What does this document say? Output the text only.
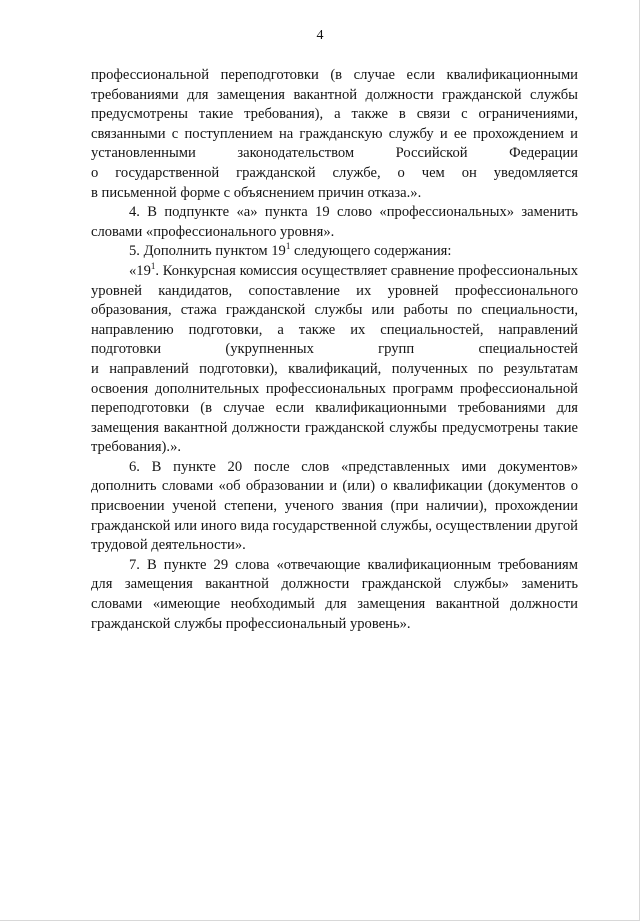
4

профессиональной переподготовки (в случае если квалификационными требованиями для замещения вакантной должности гражданской службы предусмотрены такие требования), а также в связи с ограничениями, связанными с поступлением на гражданскую службу и ее прохождением и установленными законодательством Российской Федерации

о государственной гражданской службе, о чем он уведомляется

в письменной форме с объяснением причин отказа.».

4. В подпункте «а» пункта 19 слово «профессиональных» заменить словами «профессионального уровня».

5. Дополнить пунктом $19^1$ следующего содержания:

«$19^1$. Конкурсная комиссия осуществляет сравнение профессиональных уровней кандидатов, сопоставление их уровней профессионального образования, стажа гражданской службы или работы по специальности, направлению подготовки, а также их специальностей, направлений подготовки (укрупненных групп специальностей

и направлений подготовки), квалификаций, полученных по результатам освоения дополнительных профессиональных программ профессиональной переподготовки (в случае если квалификационными требованиями для замещения вакантной должности гражданской службы предусмотрены такие требования).».

6. В пункте 20 после слов «представленных ими документов» дополнить словами «об образовании и (или) о квалификации (документов о присвоении ученой степени, ученого звания (при наличии), прохождении гражданской или иного вида государственной службы, осуществлении другой трудовой деятельности».

7. В пункте 29 слова «отвечающие квалификационным требованиям для замещения вакантной должности гражданской службы» заменить словами «имеющие необходимый для замещения вакантной должности гражданской службы профессиональный уровень».
